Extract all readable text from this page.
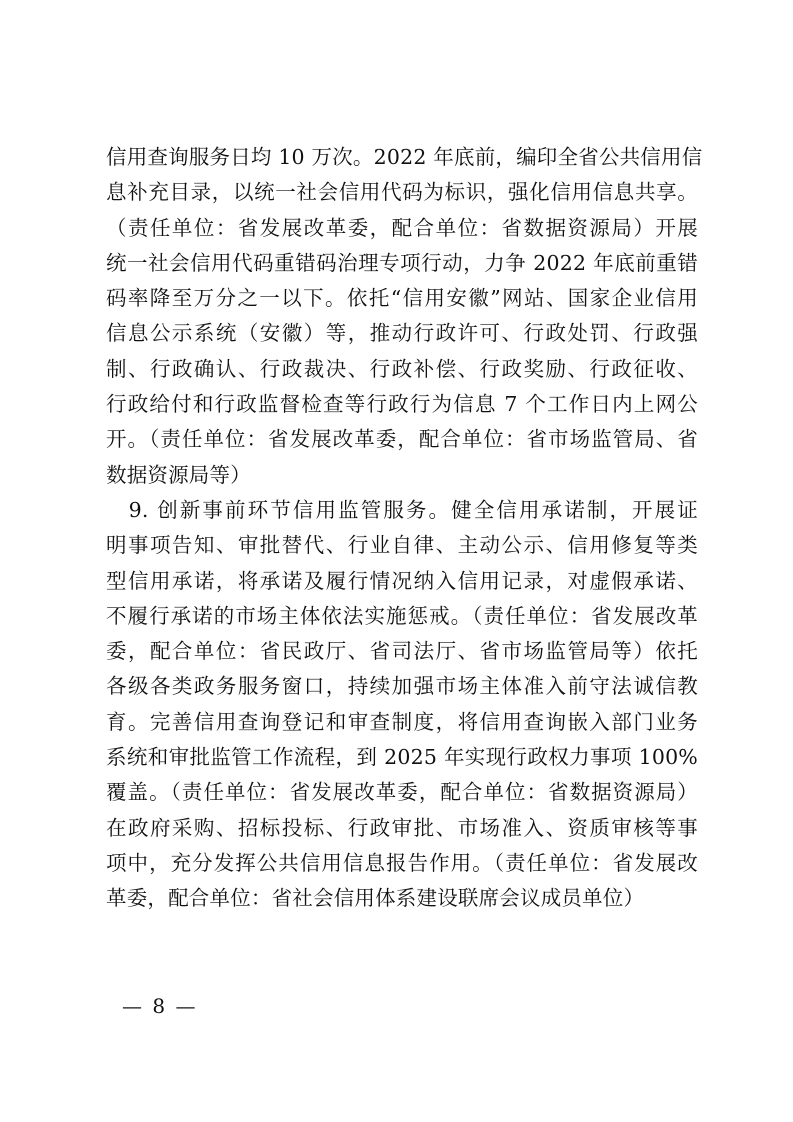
信用查询服务日均 10 万次。2022 年底前，编印全省公共信用信
息补充目录，以统一社会信用代码为标识，强化信用信息共享。
（责任单位：省发展改革委，配合单位：省数据资源局）开展
统一社会信用代码重错码治理专项行动，力争 2022 年底前重错
码率降至万分之一以下。依托“信用安徽”网站、国家企业信用
信息公示系统（安徽）等，推动行政许可、行政处罚、行政强
制、行政确认、行政裁决、行政补偿、行政奖励、行政征收、
行政给付和行政监督检查等行政行为信息 7 个工作日内上网公
开。（责任单位：省发展改革委，配合单位：省市场监管局、省
数据资源局等）
　9. 创新事前环节信用监管服务。健全信用承诺制，开展证
明事项告知、审批替代、行业自律、主动公示、信用修复等类
型信用承诺，将承诺及履行情况纳入信用记录，对虚假承诺、
不履行承诺的市场主体依法实施惩戒。（责任单位：省发展改革
委，配合单位：省民政厅、省司法厅、省市场监管局等）依托
各级各类政务服务窗口，持续加强市场主体准入前守法诚信教
育。完善信用查询登记和审查制度，将信用查询嵌入部门业务
系统和审批监管工作流程，到 2025 年实现行政权力事项 100%
覆盖。（责任单位：省发展改革委，配合单位：省数据资源局）
在政府采购、招标投标、行政审批、市场准入、资质审核等事
项中，充分发挥公共信用信息报告作用。（责任单位：省发展改
革委，配合单位：省社会信用体系建设联席会议成员单位）
— 8 —
